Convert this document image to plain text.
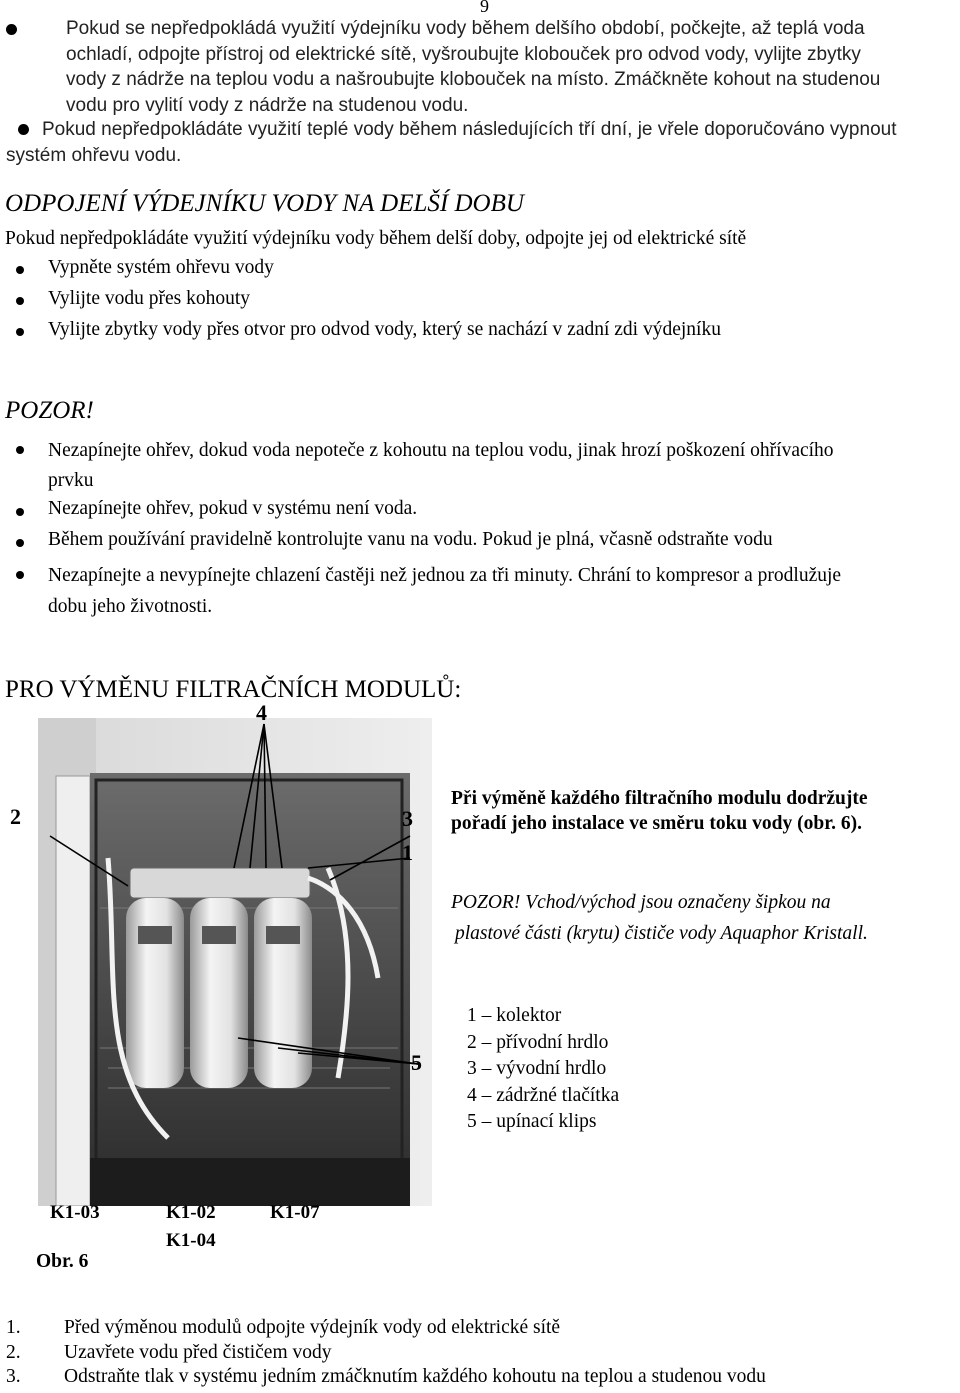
9
Pokud se nepředpokládá využití výdejníku vody během delšího období, počkejte, až teplá voda
ochladí, odpojte přístroj od elektrické sítě, vyšroubujte klobouček pro odvod vody, vylijte zbytky
vody z nádrže na teplou vodu a našroubujte klobouček na místo. Zmáčkněte kohout na studenou
vodu pro vylití vody z nádrže na studenou vodu.
Pokud nepředpokládáte využití teplé vody během následujících tří dní, je vřele doporučováno vypnout
systém ohřevu vodu.
ODPOJENÍ VÝDEJNÍKU VODY NA DELŠÍ DOBU
Pokud nepředpokládáte využití výdejníku vody během delší doby, odpojte jej od elektrické sítě
Vypněte systém ohřevu vody
Vylijte vodu přes kohouty
Vylijte zbytky vody přes otvor pro odvod vody, který se nachází v zadní zdi výdejníku
POZOR!
Nezapínejte ohřev, dokud voda nepoteče z kohoutu na teplou vodu, jinak hrozí poškození ohřívacího
prvku
Nezapínejte ohřev, pokud v systému není voda.
Během používání pravidelně kontrolujte vanu na vodu. Pokud je plná, včasně odstraňte vodu
Nezapínejte a nevypínejte chlazení častěji než jednou za tři minuty. Chrání to kompresor a prodlužuje
dobu jeho životnosti.
PRO VÝMĚNU FILTRAČNÍCH MODULŮ:
4
2	3
1
5
Při výměně každého filtračního modulu dodržujte
pořadí jeho instalace ve směru toku vody (obr. 6).
POZOR! Vchod/východ jsou označeny šipkou na
plastové části (krytu) čističe vody Aquaphor Kristall.
1 – kolektor
2 – přívodní hrdlo
3 – vývodní hrdlo
4 – zádržné tlačítka
5 – upínací klips
K1-03	K1-02	K1-07
K1-04
Obr. 6
1. Před výměnou modulů odpojte výdejník vody od elektrické sítě
2. Uzavřete vodu před čističem vody
3. Odstraňte tlak v systému jedním zmáčknutím každého kohoutu na teplou a studenou vodu
